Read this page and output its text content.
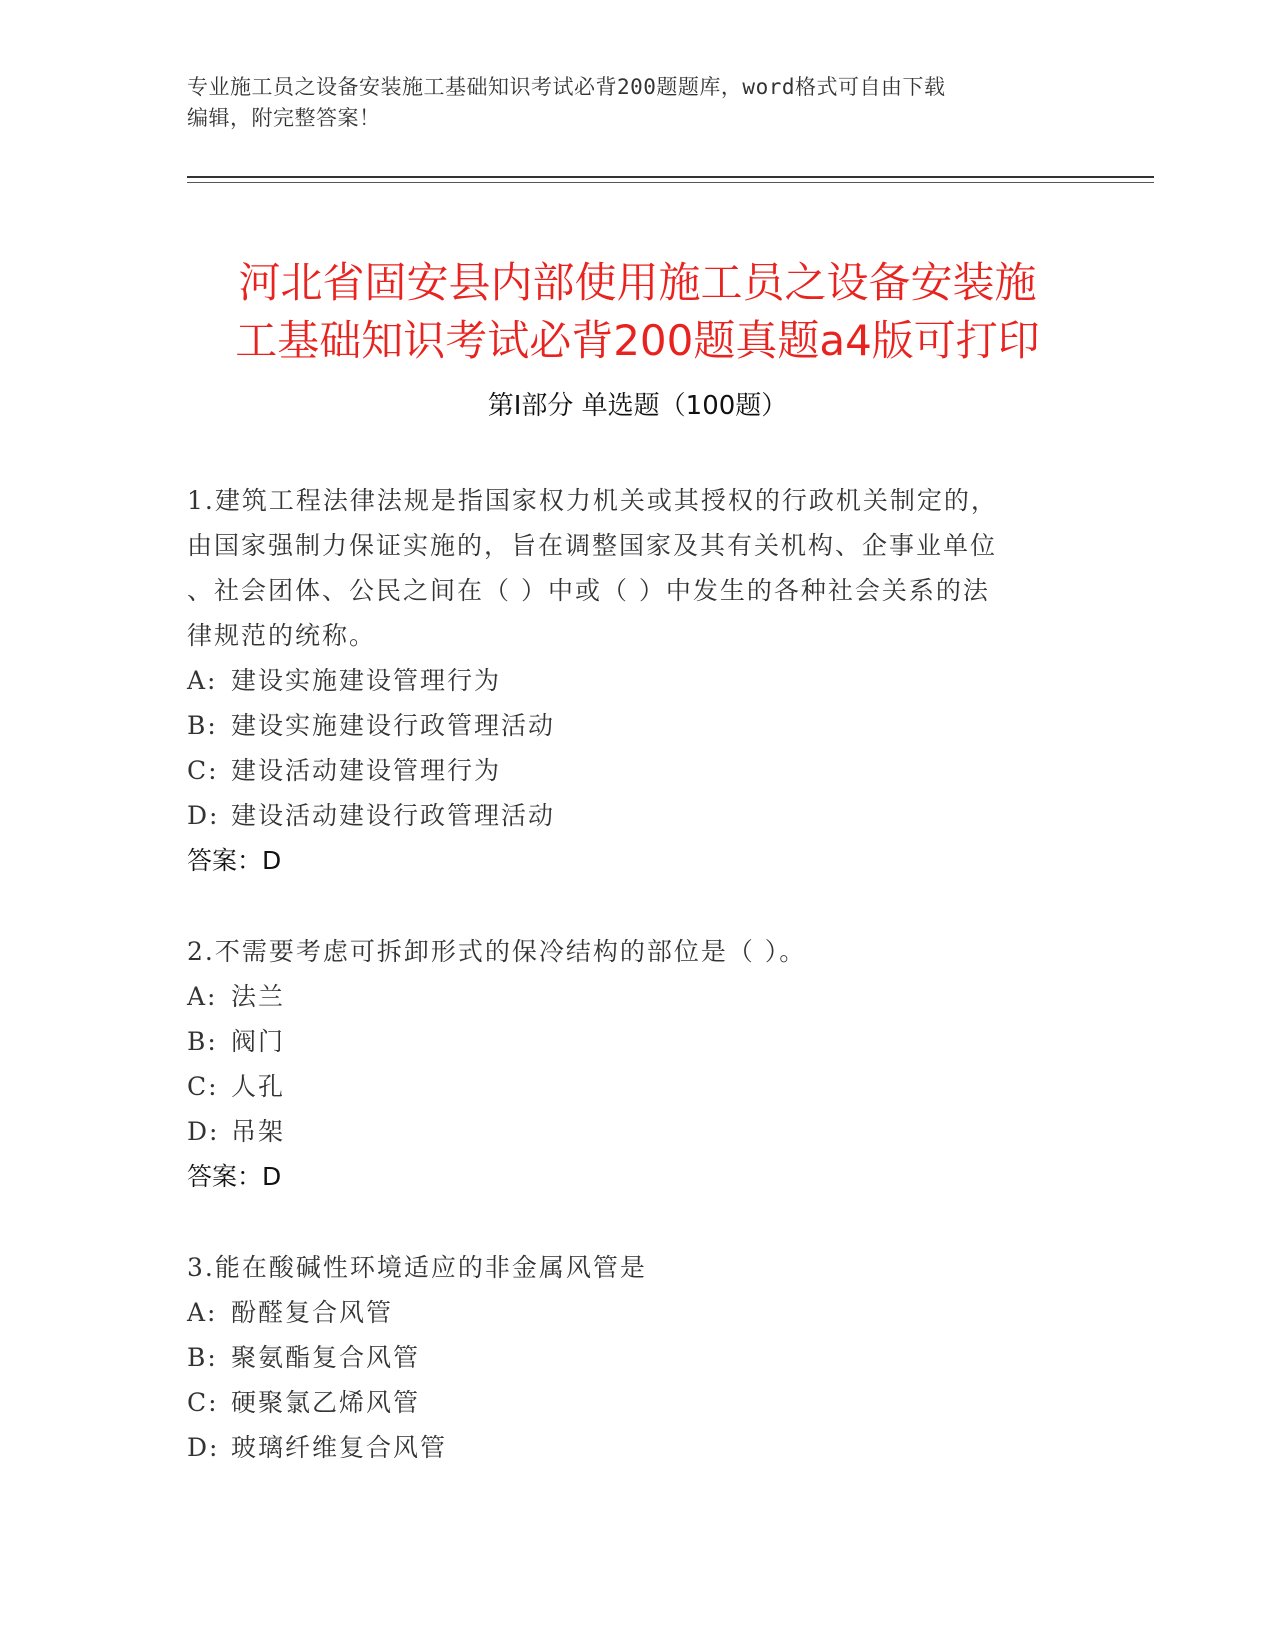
专业施工员之设备安装施工基础知识考试必背200题题库，word格式可自由下载
编辑，附完整答案！
河北省固安县内部使用施工员之设备安装施
工基础知识考试必背200题真题a4版可打印
第Ⅰ部分 单选题（100题）
1.建筑工程法律法规是指国家权力机关或其授权的行政机关制定的，
由国家强制力保证实施的，旨在调整国家及其有关机构、企事业单位
、社会团体、公民之间在（ ）中或（ ）中发生的各种社会关系的法
律规范的统称。
A: 建设实施建设管理行为
B: 建设实施建设行政管理活动
C: 建设活动建设管理行为
D: 建设活动建设行政管理活动
答案：D
2.不需要考虑可拆卸形式的保冷结构的部位是（ ）。
A: 法兰
B: 阀门
C: 人孔
D: 吊架
答案：D
3.能在酸碱性环境适应的非金属风管是
A: 酚醛复合风管
B: 聚氨酯复合风管
C: 硬聚氯乙烯风管
D: 玻璃纤维复合风管
